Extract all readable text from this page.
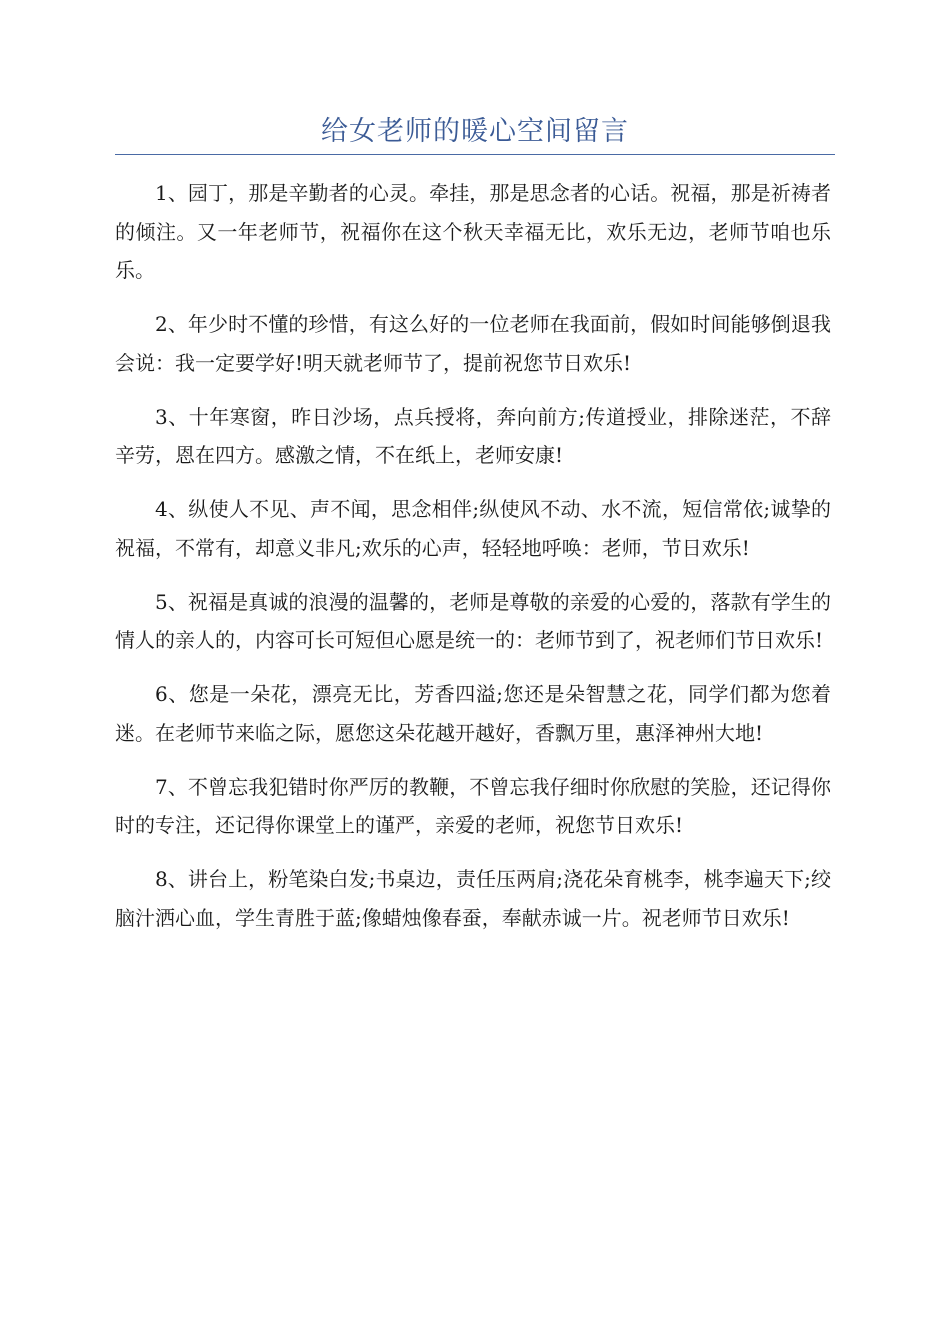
给女老师的暖心空间留言

1、园丁，那是辛勤者的心灵。牵挂，那是思念者的心话。祝福，那是祈祷者的倾注。又一年老师节，祝福你在这个秋天幸福无比，欢乐无边，老师节咱也乐乐。

2、年少时不懂的珍惜，有这么好的一位老师在我面前，假如时间能够倒退我会说：我一定要学好!明天就老师节了，提前祝您节日欢乐!

3、十年寒窗，昨日沙场，点兵授将，奔向前方;传道授业，排除迷茫，不辞辛劳，恩在四方。感激之情，不在纸上，老师安康!

4、纵使人不见、声不闻，思念相伴;纵使风不动、水不流，短信常依;诚挚的祝福，不常有，却意义非凡;欢乐的心声，轻轻地呼唤：老师，节日欢乐!

5、祝福是真诚的浪漫的温馨的，老师是尊敬的亲爱的心爱的，落款有学生的情人的亲人的，内容可长可短但心愿是统一的：老师节到了，祝老师们节日欢乐!

6、您是一朵花，漂亮无比，芳香四溢;您还是朵智慧之花，同学们都为您着迷。在老师节来临之际，愿您这朵花越开越好，香飘万里，惠泽神州大地!

7、不曾忘我犯错时你严厉的教鞭，不曾忘我仔细时你欣慰的笑脸，还记得你时的专注，还记得你课堂上的谨严，亲爱的老师，祝您节日欢乐!

8、讲台上，粉笔染白发;书桌边，责任压两肩;浇花朵育桃李，桃李遍天下;绞脑汁洒心血，学生青胜于蓝;像蜡烛像春蚕，奉献赤诚一片。祝老师节日欢乐!
